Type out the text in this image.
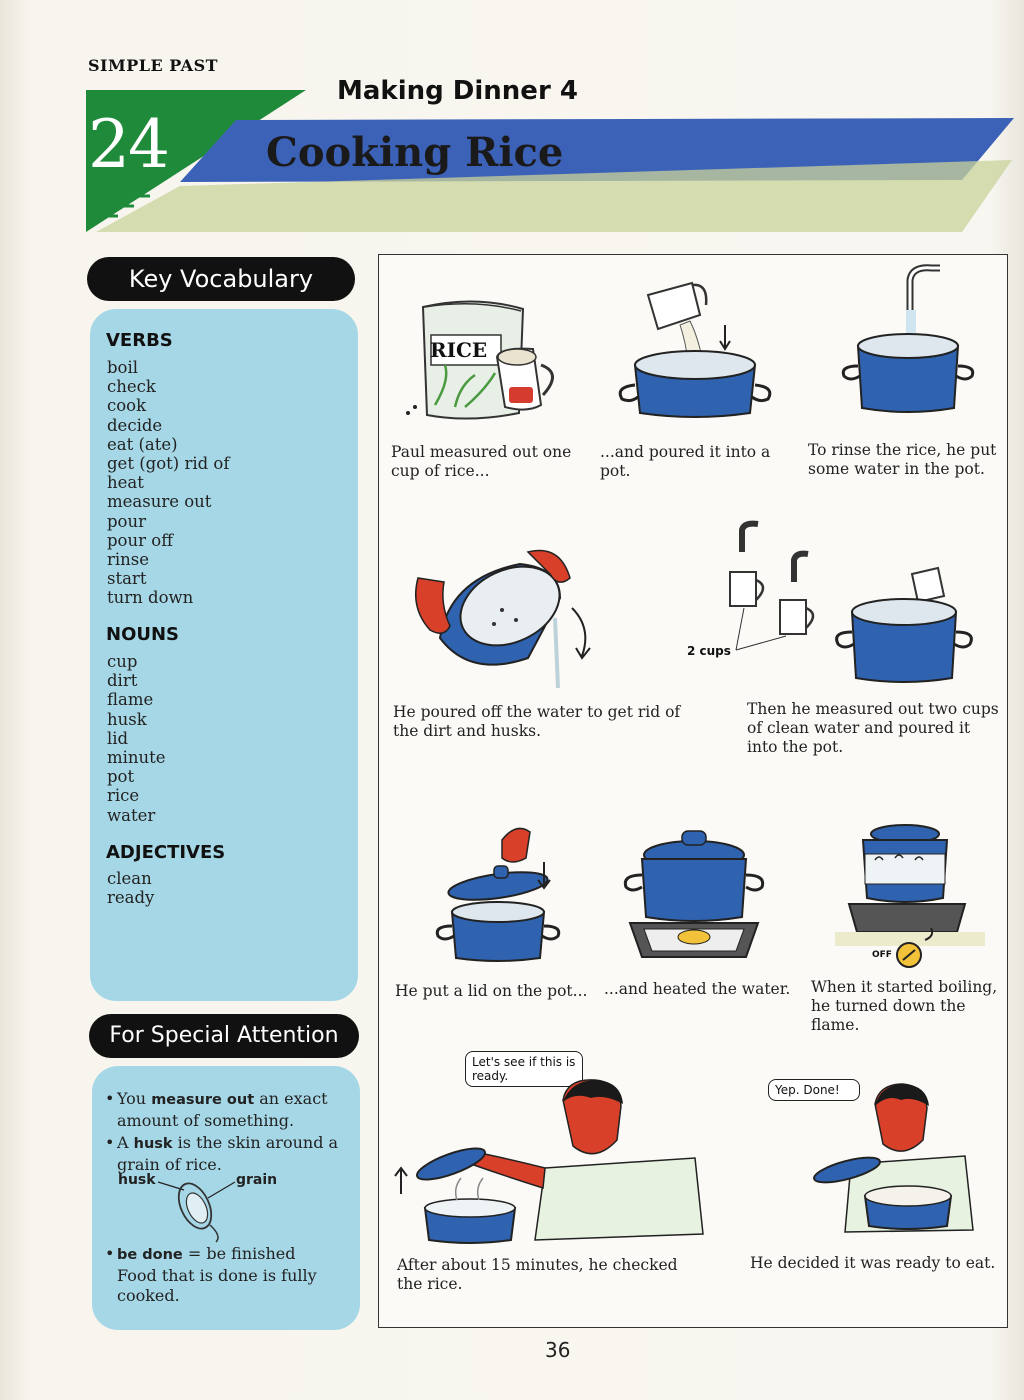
SIMPLE PAST
Making Dinner 4
24 Cooking Rice
Key Vocabulary
VERBS
boil
check
cook
decide
eat (ate)
get (got) rid of
heat
measure out
pour
pour off
rinse
start
turn down
NOUNS
cup
dirt
flame
husk
lid
minute
pot
rice
water
ADJECTIVES
clean
ready
For Special Attention
• You measure out an exact amount of something.
• A husk is the skin around a grain of rice.
husk	grain
• be done = be finished
Food that is done is fully cooked.
RICE
Paul measured out one cup of rice...
...and poured it into a pot.
To rinse the rice, he put some water in the pot.
He poured off the water to get rid of the dirt and husks.
2 cups
Then he measured out two cups of clean water and poured it into the pot.
He put a lid on the pot...	...and heated the water.
OFF
When it started boiling, he turned down the flame.
Let's see if this is ready.
After about 15 minutes, he checked the rice.
Yep. Done!
He decided it was ready to eat.
36
